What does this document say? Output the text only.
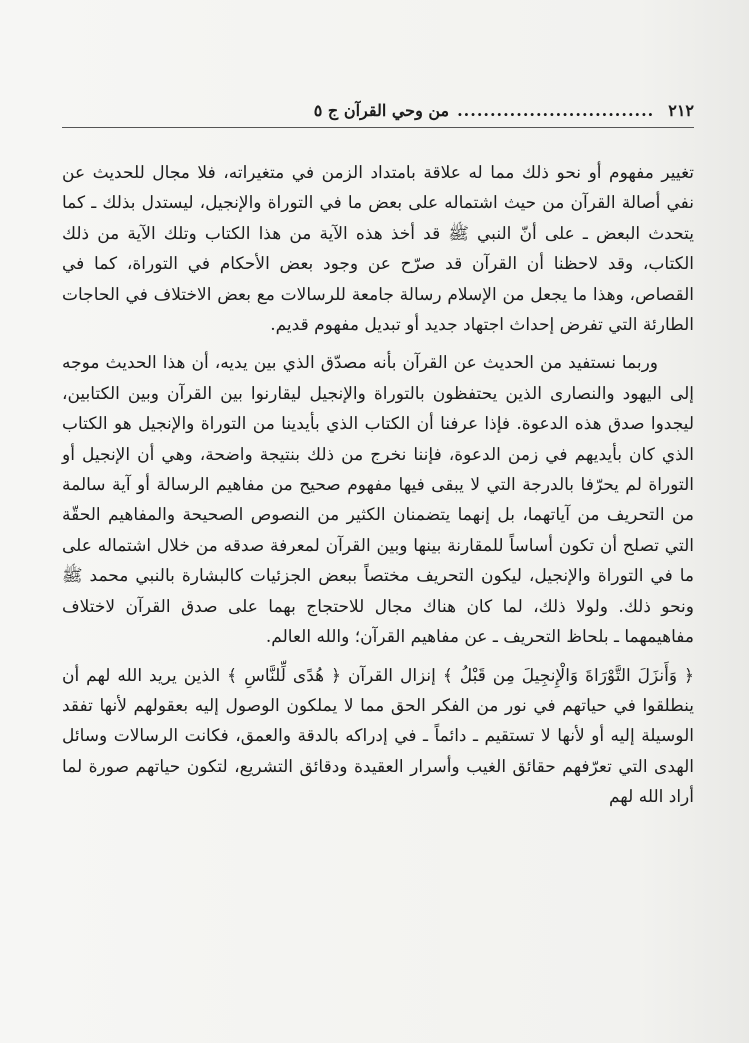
٢١٢
..............................
من وحي القرآن ج ٥

تغيير مفهوم أو نحو ذلك مما له علاقة بامتداد الزمن في متغيراته، فلا مجال للحديث عن نفي أصالة القرآن من حيث اشتماله على بعض ما في التوراة والإنجيل، ليستدل بذلك ـ كما يتحدث البعض ـ على أنّ النبي ﷺ قد أخذ هذه الآية من هذا الكتاب وتلك الآية من ذلك الكتاب، وقد لاحظنا أن القرآن قد صرّح عن وجود بعض الأحكام في التوراة، كما في القصاص، وهذا ما يجعل من الإسلام رسالة جامعة للرسالات مع بعض الاختلاف في الحاجات الطارئة التي تفرض إحداث اجتهاد جديد أو تبديل مفهوم قديم.

وربما نستفيد من الحديث عن القرآن بأنه مصدّق الذي بين يديه، أن هذا الحديث موجه إلى اليهود والنصارى الذين يحتفظون بالتوراة والإنجيل ليقارنوا بين القرآن وبين الكتابين، ليجدوا صدق هذه الدعوة. فإذا عرفنا أن الكتاب الذي بأيدينا من التوراة والإنجيل هو الكتاب الذي كان بأيديهم في زمن الدعوة، فإننا نخرج من ذلك بنتيجة واضحة، وهي أن الإنجيل أو التوراة لم يحرّفا بالدرجة التي لا يبقى فيها مفهوم صحيح من مفاهيم الرسالة أو آية سالمة من التحريف من آياتهما، بل إنهما يتضمنان الكثير من النصوص الصحيحة والمفاهيم الحقّة التي تصلح أن تكون أساساً للمقارنة بينها وبين القرآن لمعرفة صدقه من خلال اشتماله على ما في التوراة والإنجيل، ليكون التحريف مختصاً ببعض الجزئيات كالبشارة بالنبي محمد ﷺ ونحو ذلك. ولولا ذلك، لما كان هناك مجال للاحتجاج بهما على صدق القرآن لاختلاف مفاهيمهما ـ بلحاظ التحريف ـ عن مفاهيم القرآن؛ والله العالم.

﴿ وَأَنزَلَ التَّوْرَاةَ وَالْإِنجِيلَ مِن قَبْلُ ﴾ إنزال القرآن ﴿ هُدًى لِّلنَّاسِ ﴾ الذين يريد الله لهم أن ينطلقوا في حياتهم في نور من الفكر الحق مما لا يملكون الوصول إليه بعقولهم لأنها تفقد الوسيلة إليه أو لأنها لا تستقيم ـ دائماً ـ في إدراكه بالدقة والعمق، فكانت الرسالات وسائل الهدى التي تعرّفهم حقائق الغيب وأسرار العقيدة ودقائق التشريع، لتكون حياتهم صورة لما أراد الله لهم
